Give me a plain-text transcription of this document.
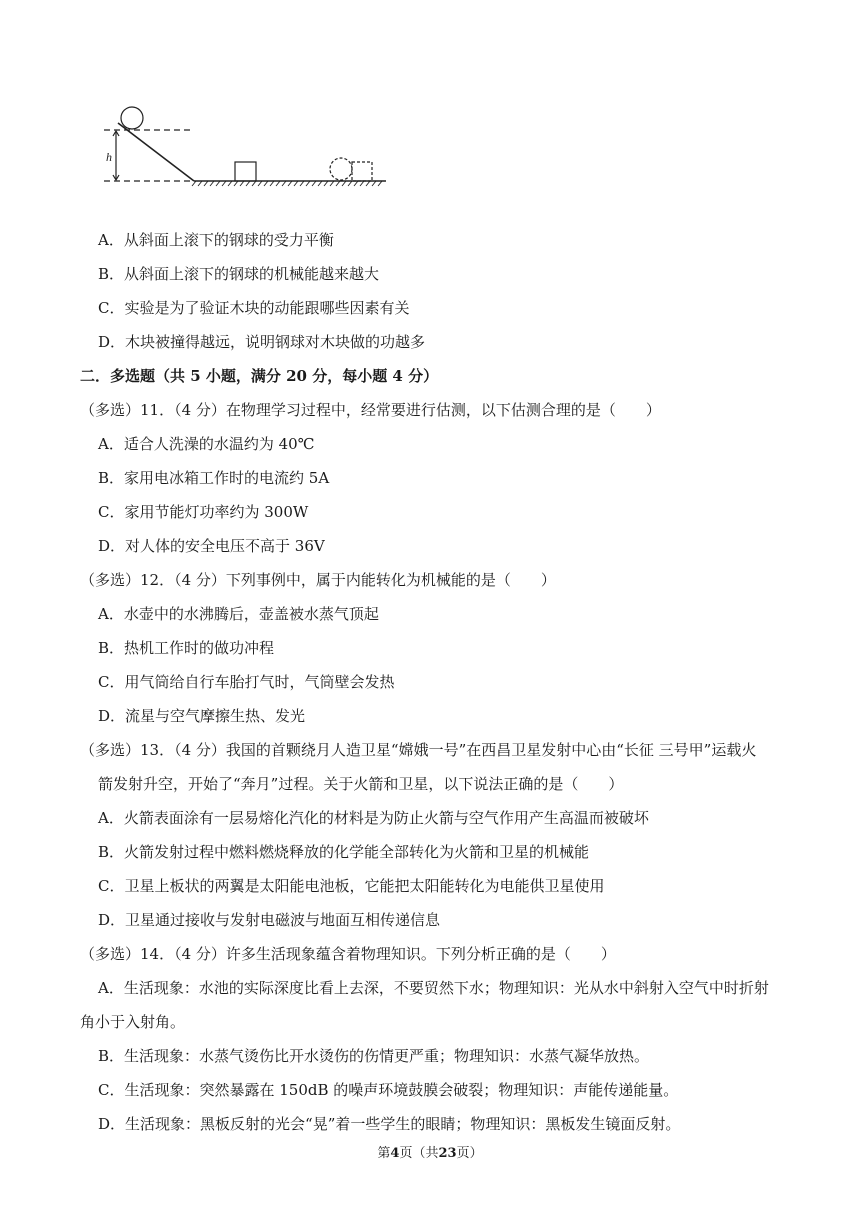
h
A．从斜面上滚下的钢球的受力平衡
B．从斜面上滚下的钢球的机械能越来越大
C．实验是为了验证木块的动能跟哪些因素有关
D．木块被撞得越远，说明钢球对木块做的功越多
二．多选题（共 5 小题，满分 20 分，每小题 4 分）
（多选）11．（4 分）在物理学习过程中，经常要进行估测，以下估测合理的是（　　）
A．适合人洗澡的水温约为 40℃
B．家用电冰箱工作时的电流约 5A
C．家用节能灯功率约为 300W
D．对人体的安全电压不高于 36V
（多选）12．（4 分）下列事例中，属于内能转化为机械能的是（　　）
A．水壶中的水沸腾后，壶盖被水蒸气顶起
B．热机工作时的做功冲程
C．用气筒给自行车胎打气时，气筒壁会发热
D．流星与空气摩擦生热、发光
（多选）13．（4 分）我国的首颗绕月人造卫星“嫦娥一号”在西昌卫星发射中心由“长征 三号甲”运载火
箭发射升空，开始了“奔月”过程。关于火箭和卫星，以下说法正确的是（　　）
A．火箭表面涂有一层易熔化汽化的材料是为防止火箭与空气作用产生高温而被破坏
B．火箭发射过程中燃料燃烧释放的化学能全部转化为火箭和卫星的机械能
C．卫星上板状的两翼是太阳能电池板，它能把太阳能转化为电能供卫星使用
D．卫星通过接收与发射电磁波与地面互相传递信息
（多选）14．（4 分）许多生活现象蕴含着物理知识。下列分析正确的是（　　）
A．生活现象：水池的实际深度比看上去深，不要贸然下水；物理知识：光从水中斜射入空气中时折射
角小于入射角。
B．生活现象：水蒸气烫伤比开水烫伤的伤情更严重；物理知识：水蒸气凝华放热。
C．生活现象：突然暴露在 150dB 的噪声环境鼓膜会破裂；物理知识：声能传递能量。
D．生活现象：黑板反射的光会“晃”着一些学生的眼睛；物理知识：黑板发生镜面反射。
第4页（共23页）
